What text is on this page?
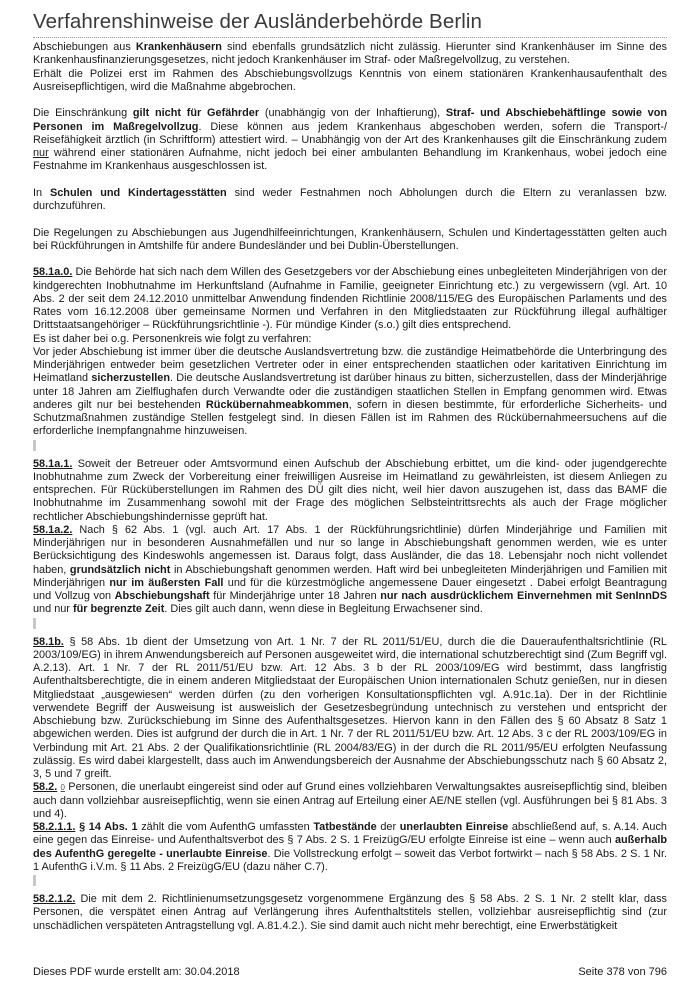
Verfahrenshinweise der Ausländerbehörde Berlin

Abschiebungen aus Krankenhäusern sind ebenfalls grundsätzlich nicht zulässig. Hierunter sind Krankenhäuser im Sinne des Krankenhausfinanzierungsgesetzes, nicht jedoch Krankenhäuser im Straf- oder Maßregelvollzug, zu verstehen.
Erhält die Polizei erst im Rahmen des Abschiebungsvollzugs Kenntnis von einem stationären Krankenhausaufenthalt des Ausreisepflichtigen, wird die Maßnahme abgebrochen.

Die Einschränkung gilt nicht für Gefährder (unabhängig von der Inhaftierung), Straf- und Abschiebehäftlinge sowie von Personen im Maßregelvollzug. Diese können aus jedem Krankenhaus abgeschoben werden, sofern die Transport-/ Reisefähigkeit ärztlich (in Schriftform) attestiert wird. – Unabhängig von der Art des Krankenhauses gilt die Einschränkung zudem nur während einer stationären Aufnahme, nicht jedoch bei einer ambulanten Behandlung im Krankenhaus, wobei jedoch eine Festnahme im Krankenhaus ausgeschlossen ist.

In Schulen und Kindertagesstätten sind weder Festnahmen noch Abholungen durch die Eltern zu veranlassen bzw. durchzuführen.

Die Regelungen zu Abschiebungen aus Jugendhilfeeinrichtungen, Krankenhäusern, Schulen und Kindertagesstätten gelten auch bei Rückführungen in Amtshilfe für andere Bundesländer und bei Dublin-Überstellungen.

58.1a.0. Die Behörde hat sich nach dem Willen des Gesetzgebers vor der Abschiebung eines unbegleiteten Minderjährigen von der kindgerechten Inobhutnahme im Herkunftsland (Aufnahme in Familie, geeigneter Einrichtung etc.) zu vergewissern (vgl. Art. 10 Abs. 2 der seit dem 24.12.2010 unmittelbar Anwendung findenden Richtlinie 2008/115/EG des Europäischen Parlaments und des Rates vom 16.12.2008 über gemeinsame Normen und Verfahren in den Mitgliedstaaten zur Rückführung illegal aufhältiger Drittstaatsangehöriger – Rückführungsrichtlinie -). Für mündige Kinder (s.o.) gilt dies entsprechend.
Es ist daher bei o.g. Personenkreis wie folgt zu verfahren:
Vor jeder Abschiebung ist immer über die deutsche Auslandsvertretung bzw. die zuständige Heimatbehörde die Unterbringung des Minderjährigen entweder beim gesetzlichen Vertreter oder in einer entsprechenden staatlichen oder karitativen Einrichtung im Heimatland sicherzustellen. Die deutsche Auslandsvertretung ist darüber hinaus zu bitten, sicherzustellen, dass der Minderjährige unter 18 Jahren am Zielflughafen durch Verwandte oder die zuständigen staatlichen Stellen in Empfang genommen wird. Etwas anderes gilt nur bei bestehenden Rückübernahmeabkommen, sofern in diesen bestimmte, für erforderliche Sicherheits- und Schutzmaßnahmen zuständige Stellen festgelegt sind. In diesen Fällen ist im Rahmen des Rückübernahmeersuchens auf die erforderliche Inempfangnahme hinzuweisen.

58.1a.1. Soweit der Betreuer oder Amtsvormund einen Aufschub der Abschiebung erbittet, um die kind- oder jugendgerechte Inobhutnahme zum Zweck der Vorbereitung einer freiwilligen Ausreise im Heimatland zu gewährleisten, ist diesem Anliegen zu entsprechen. Für Rücküberstellungen im Rahmen des DÜ gilt dies nicht, weil hier davon auszugehen ist, dass das BAMF die Inobhutnahme im Zusammenhang sowohl mit der Frage des möglichen Selbsteintrittsrechts als auch der Frage möglicher rechtlicher Abschiebungshindernisse geprüft hat.

58.1a.2. Nach § 62 Abs. 1 (vgl. auch Art. 17 Abs. 1 der Rückführungsrichtlinie) dürfen Minderjährige und Familien mit Minderjährigen nur in besonderen Ausnahmefällen und nur so lange in Abschiebungshaft genommen werden, wie es unter Berücksichtigung des Kindeswohls angemessen ist. Daraus folgt, dass Ausländer, die das 18. Lebensjahr noch nicht vollendet haben, grundsätzlich nicht in Abschiebungshaft genommen werden. Haft wird bei unbegleiteten Minderjährigen und Familien mit Minderjährigen nur im äußersten Fall und für die kürzestmögliche angemessene Dauer eingesetzt . Dabei erfolgt Beantragung und Vollzug von Abschiebungshaft für Minderjährige unter 18 Jahren nur nach ausdrücklichem Einvernehmen mit SenInnDS und nur für begrenzte Zeit. Dies gilt auch dann, wenn diese in Begleitung Erwachsener sind.

58.1b. § 58 Abs. 1b dient der Umsetzung von Art. 1 Nr. 7 der RL 2011/51/EU, durch die die Daueraufenthaltsrichtlinie (RL 2003/109/EG) in ihrem Anwendungsbereich auf Personen ausgeweitet wird, die international schutzberechtigt sind (Zum Begriff vgl. A.2.13). Art. 1 Nr. 7 der RL 2011/51/EU bzw. Art. 12 Abs. 3 b der RL 2003/109/EG wird bestimmt, dass langfristig Aufenthaltsberechtigte, die in einem anderen Mitgliedstaat der Europäischen Union internationalen Schutz genießen, nur in diesen Mitgliedstaat „ausgewiesen“ werden dürfen (zu den vorherigen Konsultationspflichten vgl. A.91c.1a). Der in der Richtlinie verwendete Begriff der Ausweisung ist ausweislich der Gesetzesbegründung untechnisch zu verstehen und entspricht der Abschiebung bzw. Zurückschiebung im Sinne des Aufenthaltsgesetzes. Hiervon kann in den Fällen des § 60 Absatz 8 Satz 1 abgewichen werden. Dies ist aufgrund der durch die in Art. 1 Nr. 7 der RL 2011/51/EU bzw. Art. 12 Abs. 3 c der RL 2003/109/EG in Verbindung mit Art. 21 Abs. 2 der Qualifikationsrichtlinie (RL 2004/83/EG) in der durch die RL 2011/95/EU erfolgten Neufassung zulässig. Es wird dabei klargestellt, dass auch im Anwendungsbereich der Ausnahme der Abschiebungsschutz nach § 60 Absatz 2, 3, 5 und 7 greift.

58.2. 0 Personen, die unerlaubt eingereist sind oder auf Grund eines vollziehbaren Verwaltungsaktes ausreisepflichtig sind, bleiben auch dann vollziehbar ausreisepflichtig, wenn sie einen Antrag auf Erteilung einer AE/NE stellen (vgl. Ausführungen bei § 81 Abs. 3 und 4).

58.2.1.1. § 14 Abs. 1 zählt die vom AufenthG umfassten Tatbestände der unerlaubten Einreise abschließend auf, s. A.14. Auch eine gegen das Einreise- und Aufenthaltsverbot des § 7 Abs. 2 S. 1 FreizügG/EU erfolgte Einreise ist eine – wenn auch außerhalb des AufenthG geregelte - unerlaubte Einreise. Die Vollstreckung erfolgt – soweit das Verbot fortwirkt – nach § 58 Abs. 2 S. 1 Nr. 1 AufenthG i.V.m. § 11 Abs. 2 FreizügG/EU (dazu näher C.7).

58.2.1.2. Die mit dem 2. Richtlinienumsetzungsgesetz vorgenommene Ergänzung des § 58 Abs. 2 S. 1 Nr. 2 stellt klar, dass Personen, die verspätet einen Antrag auf Verlängerung ihres Aufenthaltstitels stellen, vollziehbar ausreisepflichtig sind (zur unschädlichen verspäteten Antragstellung vgl. A.81.4.2.). Sie sind damit auch nicht mehr berechtigt, eine Erwerbstätigkeit

Dieses PDF wurde erstellt am: 30.04.2018	Seite 378 von 796
